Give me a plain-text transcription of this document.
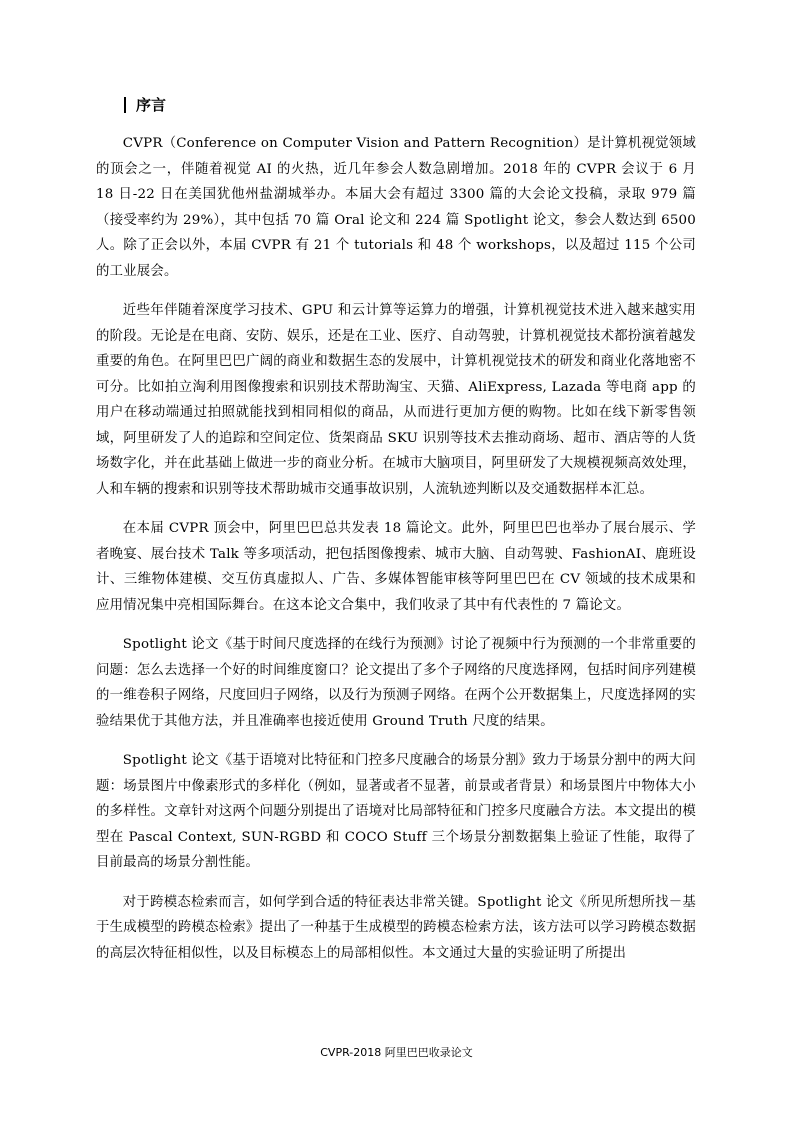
序言

CVPR（Conference on Computer Vision and Pattern Recognition）是计算机视觉领域的顶会之一，伴随着视觉 AI 的火热，近几年参会人数急剧增加。2018 年的 CVPR 会议于 6 月 18 日-22 日在美国犹他州盐湖城举办。本届大会有超过 3300 篇的大会论文投稿，录取 979 篇（接受率约为 29%），其中包括 70 篇 Oral 论文和 224 篇 Spotlight 论文，参会人数达到 6500 人。除了正会以外，本届 CVPR 有 21 个 tutorials 和 48 个 workshops，以及超过 115 个公司的工业展会。

近些年伴随着深度学习技术、GPU 和云计算等运算力的增强，计算机视觉技术进入越来越实用的阶段。无论是在电商、安防、娱乐，还是在工业、医疗、自动驾驶，计算机视觉技术都扮演着越发重要的角色。在阿里巴巴广阔的商业和数据生态的发展中，计算机视觉技术的研发和商业化落地密不可分。比如拍立淘利用图像搜索和识别技术帮助淘宝、天猫、AliExpress, Lazada 等电商 app 的用户在移动端通过拍照就能找到相同相似的商品，从而进行更加方便的购物。比如在线下新零售领域，阿里研发了人的追踪和空间定位、货架商品 SKU 识别等技术去推动商场、超市、酒店等的人货场数字化，并在此基础上做进一步的商业分析。在城市大脑项目，阿里研发了大规模视频高效处理，人和车辆的搜索和识别等技术帮助城市交通事故识别，人流轨迹判断以及交通数据样本汇总。

在本届 CVPR 顶会中，阿里巴巴总共发表 18 篇论文。此外，阿里巴巴也举办了展台展示、学者晚宴、展台技术 Talk 等多项活动，把包括图像搜索、城市大脑、自动驾驶、FashionAI、鹿班设计、三维物体建模、交互仿真虚拟人、广告、多媒体智能审核等阿里巴巴在 CV 领域的技术成果和应用情况集中亮相国际舞台。在这本论文合集中，我们收录了其中有代表性的 7 篇论文。

Spotlight 论文《基于时间尺度选择的在线行为预测》讨论了视频中行为预测的一个非常重要的问题：怎么去选择一个好的时间维度窗口？论文提出了多个子网络的尺度选择网，包括时间序列建模的一维卷积子网络，尺度回归子网络，以及行为预测子网络。在两个公开数据集上，尺度选择网的实验结果优于其他方法，并且准确率也接近使用 Ground Truth 尺度的结果。

Spotlight 论文《基于语境对比特征和门控多尺度融合的场景分割》致力于场景分割中的两大问题：场景图片中像素形式的多样化（例如，显著或者不显著，前景或者背景）和场景图片中物体大小的多样性。文章针对这两个问题分别提出了语境对比局部特征和门控多尺度融合方法。本文提出的模型在 Pascal Context, SUN-RGBD 和 COCO Stuff 三个场景分割数据集上验证了性能，取得了目前最高的场景分割性能。

对于跨模态检索而言，如何学到合适的特征表达非常关键。Spotlight 论文《所见所想所找－基于生成模型的跨模态检索》提出了一种基于生成模型的跨模态检索方法，该方法可以学习跨模态数据的高层次特征相似性，以及目标模态上的局部相似性。本文通过大量的实验证明了所提出

CVPR-2018 阿里巴巴收录论文
